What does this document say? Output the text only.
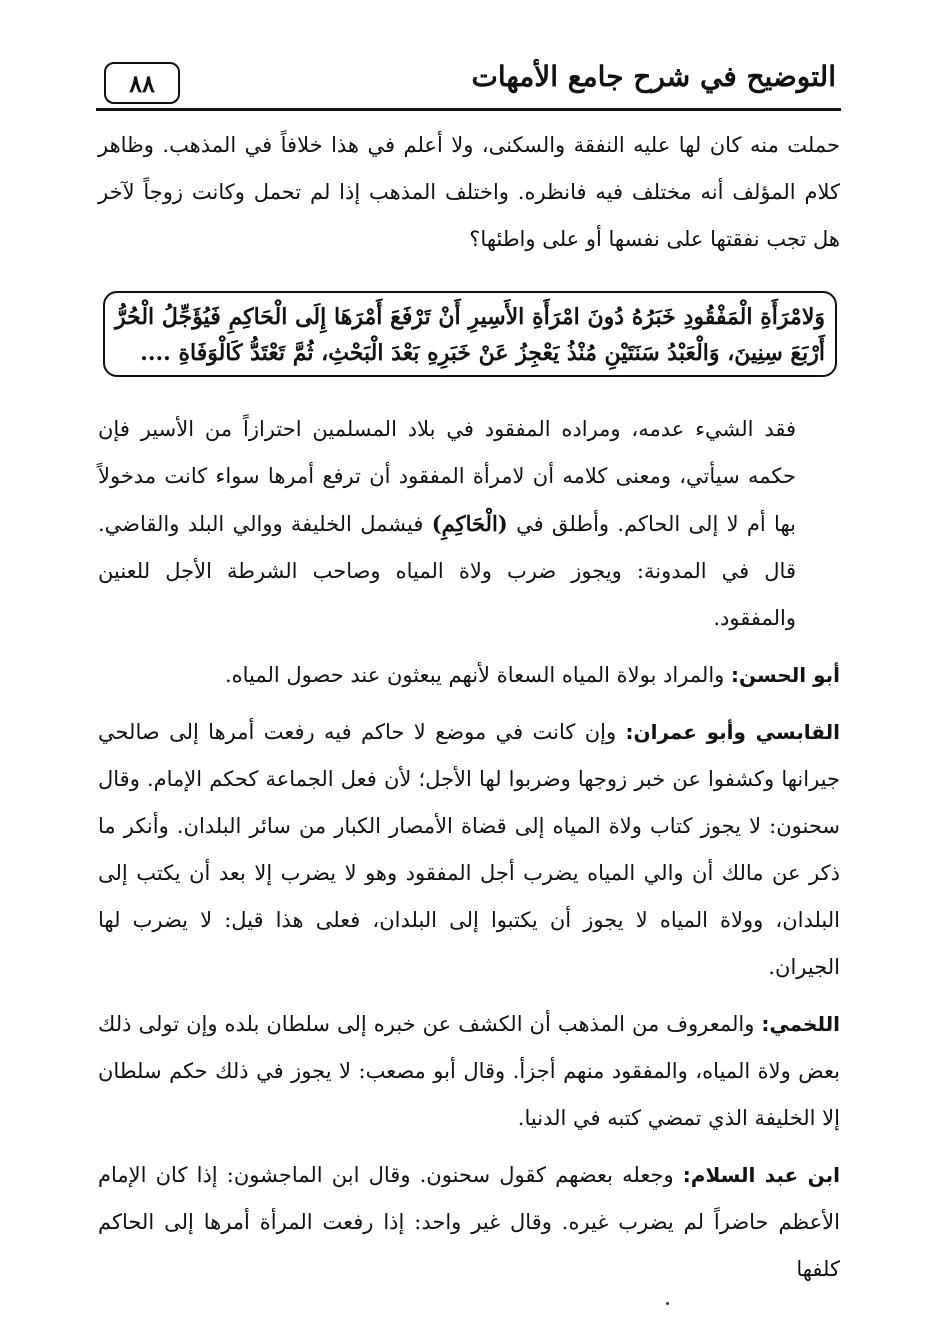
٨٨	التوضيح في شرح جامع الأمهات

حملت منه كان لها عليه النفقة والسكنى، ولا أعلم في هذا خلافاً في المذهب. وظاهر كلام المؤلف أنه مختلف فيه فانظره. واختلف المذهب إذا لم تحمل وكانت زوجاً لآخر هل تجب نفقتها على نفسها أو على واطئها؟

وَلامْرَأَةِ الْمَفْقُودِ خَبَرُهُ دُونَ امْرَأَةِ الأَسِيرِ أَنْ تَرْفَعَ أَمْرَهَا إِلَى الْحَاكِمِ فَيُؤَجِّلُ الْحُرُّ أَرْبَعَ سِنِينَ، وَالْعَبْدُ سَنَتَيْنِ مُنْذُ يَعْجِزُ عَنْ خَبَرِهِ بَعْدَ الْبَحْثِ، ثُمَّ تَعْتَدُّ كَالْوَفَاةِ ....

فقد الشيء عدمه، ومراده المفقود في بلاد المسلمين احترازاً من الأسير فإن حكمه سيأتي، ومعنى كلامه أن لامرأة المفقود أن ترفع أمرها سواء كانت مدخولاً بها أم لا إلى الحاكم. وأطلق في (الْحَاكِمِ) فيشمل الخليفة ووالي البلد والقاضي. قال في المدونة: ويجوز ضرب ولاة المياه وصاحب الشرطة الأجل للعنين والمفقود.

أبو الحسن: والمراد بولاة المياه السعاة لأنهم يبعثون عند حصول المياه.

القابسي وأبو عمران: وإن كانت في موضع لا حاكم فيه رفعت أمرها إلى صالحي جيرانها وكشفوا عن خبر زوجها وضربوا لها الأجل؛ لأن فعل الجماعة كحكم الإمام. وقال سحنون: لا يجوز كتاب ولاة المياه إلى قضاة الأمصار الكبار من سائر البلدان. وأنكر ما ذكر عن مالك أن والي المياه يضرب أجل المفقود وهو لا يضرب إلا بعد أن يكتب إلى البلدان، وولاة المياه لا يجوز أن يكتبوا إلى البلدان، فعلى هذا قيل: لا يضرب لها الجيران.

اللخمي: والمعروف من المذهب أن الكشف عن خبره إلى سلطان بلده وإن تولى ذلك بعض ولاة المياه، والمفقود منهم أجزأ. وقال أبو مصعب: لا يجوز في ذلك حكم سلطان إلا الخليفة الذي تمضي كتبه في الدنيا.

ابن عبد السلام: وجعله بعضهم كقول سحنون. وقال ابن الماجشون: إذا كان الإمام الأعظم حاضراً لم يضرب غيره. وقال غير واحد: إذا رفعت المرأة أمرها إلى الحاكم كلفها
